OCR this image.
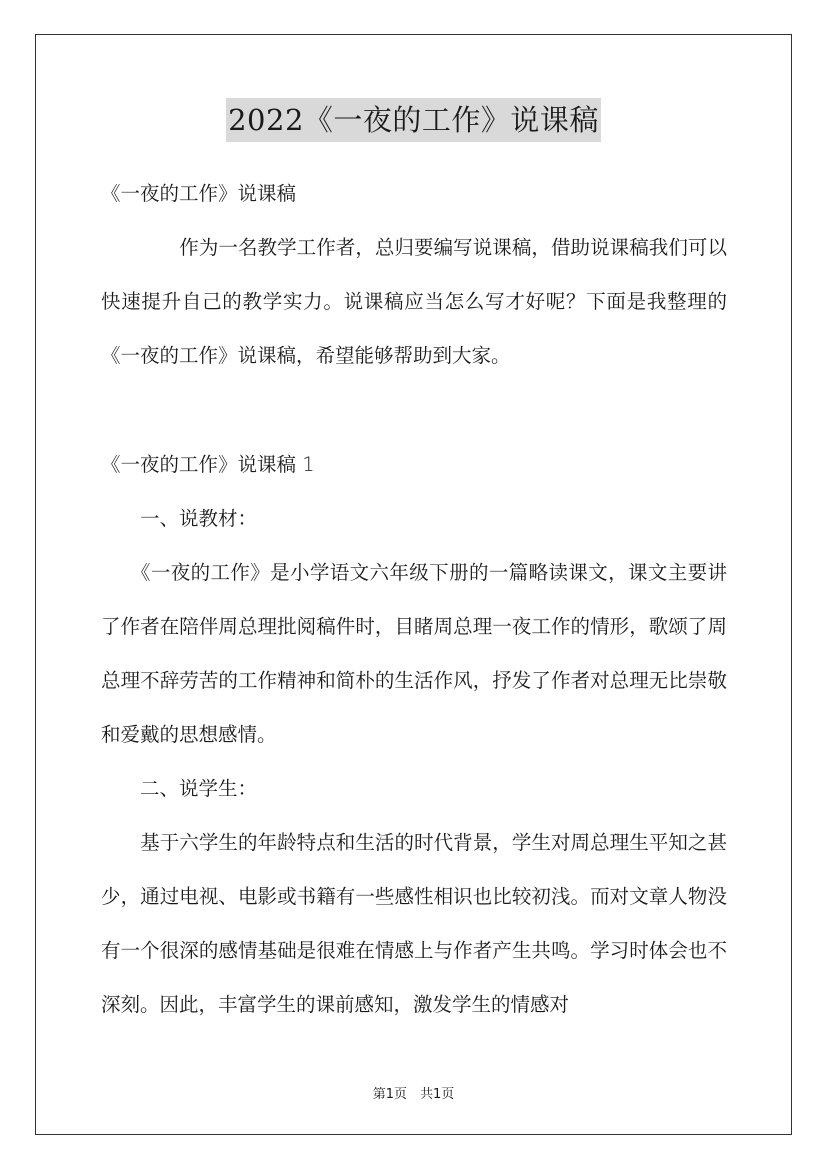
2022《一夜的工作》说课稿

《一夜的工作》说课稿

　　　　作为一名教学工作者，总归要编写说课稿，借助说课稿我们可以快速提升自己的教学实力。说课稿应当怎么写才好呢？下面是我整理的《一夜的工作》说课稿，希望能够帮助到大家。

《一夜的工作》说课稿 1

　　一、说教材：

　　《一夜的工作》是小学语文六年级下册的一篇略读课文，课文主要讲了作者在陪伴周总理批阅稿件时，目睹周总理一夜工作的情形，歌颂了周总理不辞劳苦的工作精神和简朴的生活作风，抒发了作者对总理无比崇敬和爱戴的思想感情。

　　二、说学生：

　　基于六学生的年龄特点和生活的时代背景，学生对周总理生平知之甚少，通过电视、电影或书籍有一些感性相识也比较初浅。而对文章人物没有一个很深的感情基础是很难在情感上与作者产生共鸣。学习时体会也不深刻。因此，丰富学生的课前感知，激发学生的情感对

第1页　共1页
